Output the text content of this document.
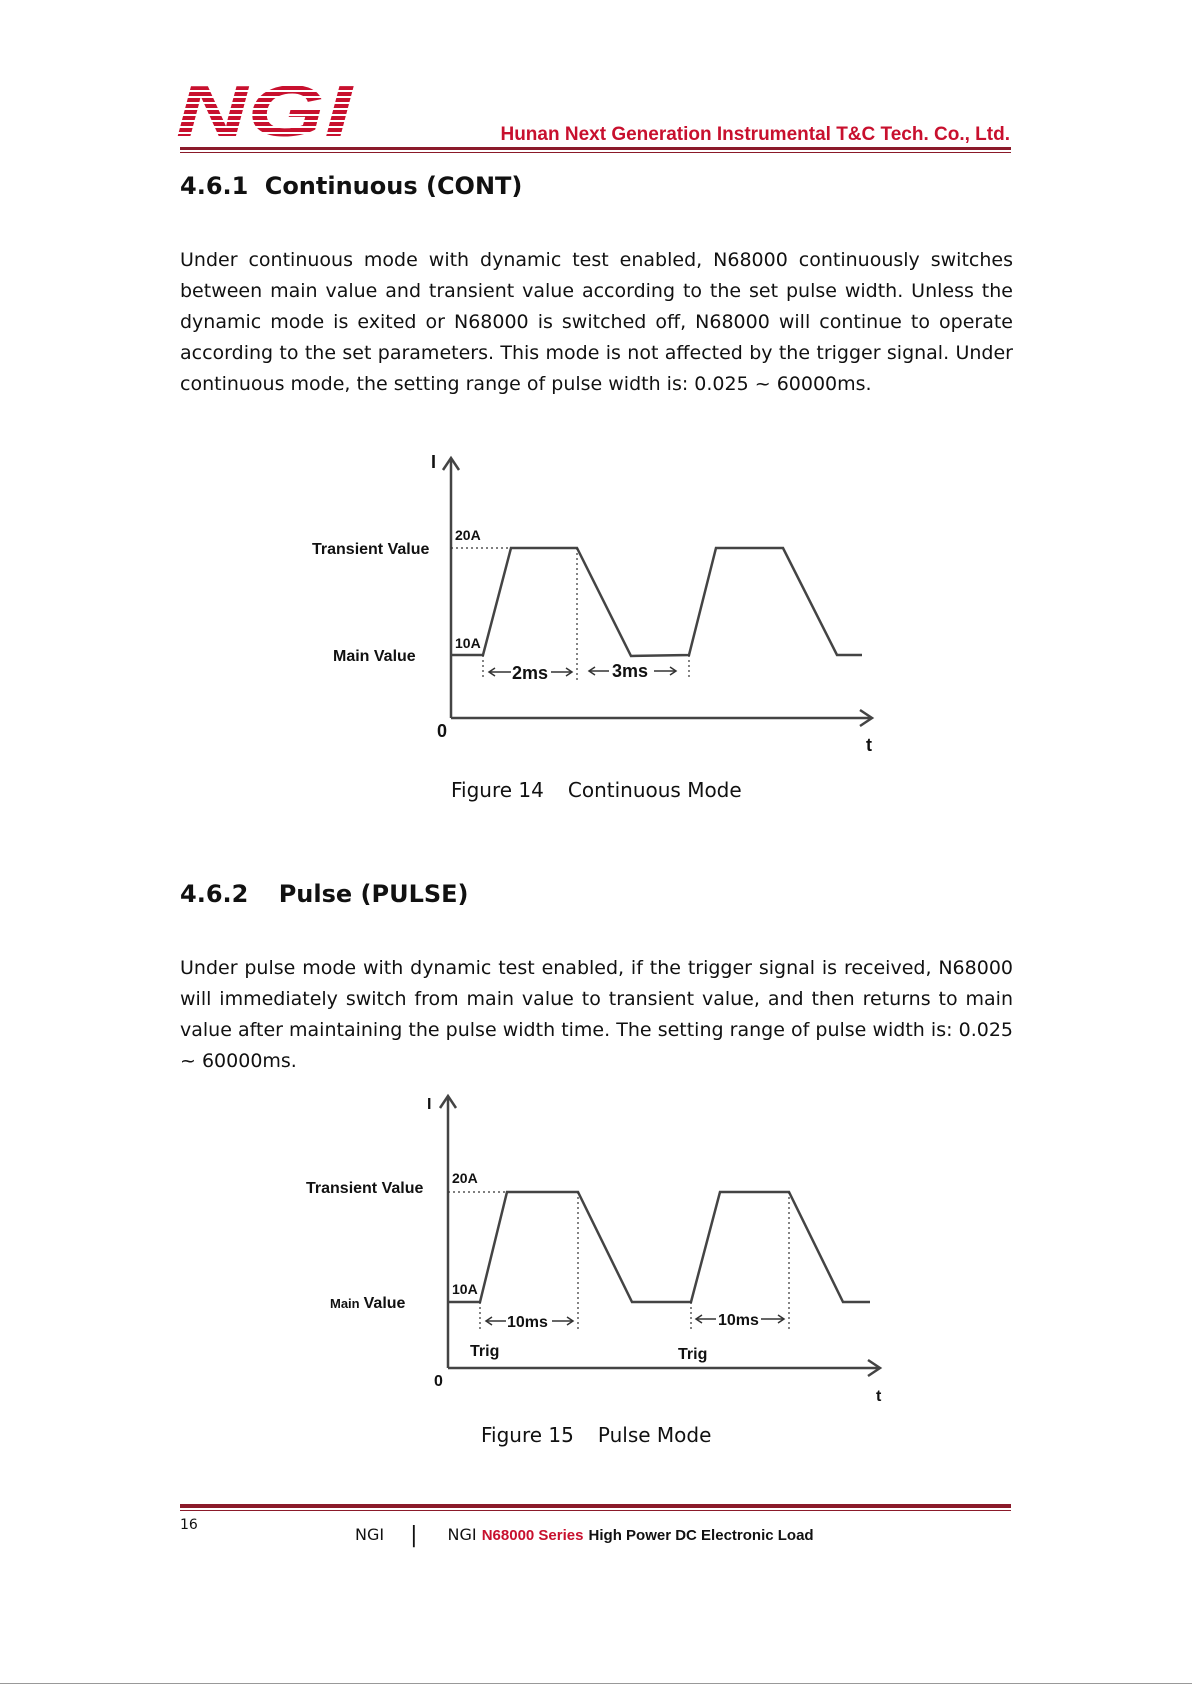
NGI	Hunan Next Generation Instrumental T&C Tech. Co., Ltd.
4.6.1 Continuous (CONT)
Under continuous mode with dynamic test enabled, N68000 continuously switches between main value and transient value according to the set pulse width. Unless the dynamic mode is exited or N68000 is switched off, N68000 will continue to operate according to the set parameters. This mode is not affected by the trigger signal. Under continuous mode, the setting range of pulse width is: 0.025 ~ 60000ms.
I
0
t
Transient Value
Main Value
20A
10A
2ms	3ms
Figure 14 Continuous Mode
4.6.2 Pulse (PULSE)
Under pulse mode with dynamic test enabled, if the trigger signal is received, N68000 will immediately switch from main value to transient value, and then returns to main value after maintaining the pulse width time. The setting range of pulse width is: 0.025 ~ 60000ms.
I
0
t
Transient Value
Main Value
20A
10A
10ms	10ms
Trig	Trig
Figure 15 Pulse Mode
16	NGI | NGI N68000 Series High Power DC Electronic Load
